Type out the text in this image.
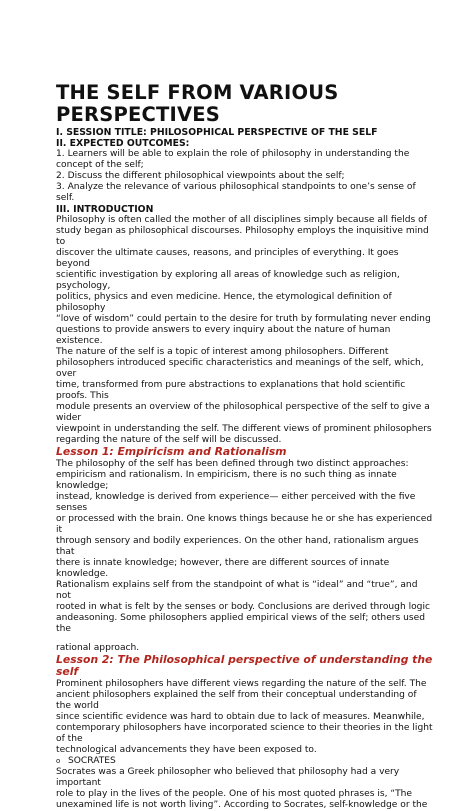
THE SELF FROM VARIOUS
PERSPECTIVES

I. SESSION TITLE: PHILOSOPHICAL PERSPECTIVE OF THE SELF

II. EXPECTED OUTCOMES:

1. Learners will be able to explain the role of philosophy in understanding the

concept of the self;

2. Discuss the different philosophical viewpoints about the self;

3. Analyze the relevance of various philosophical standpoints to one’s sense of

self.

III. INTRODUCTION

Philosophy is often called the mother of all disciplines simply because all fields of

study began as philosophical discourses. Philosophy employs the inquisitive mind to

discover the ultimate causes, reasons, and principles of everything. It goes beyond

scientific investigation by exploring all areas of knowledge such as religion, psychology,

politics, physics and even medicine. Hence, the etymological definition of philosophy

“love of wisdom” could pertain to the desire for truth by formulating never ending

questions to provide answers to every inquiry about the nature of human existence.

The nature of the self is a topic of interest among philosophers. Different

philosophers introduced specific characteristics and meanings of the self, which, over

time, transformed from pure abstractions to explanations that hold scientific proofs. This

module presents an overview of the philosophical perspective of the self to give a wider

viewpoint in understanding the self. The different views of prominent philosophers

regarding the nature of the self will be discussed.

Lesson 1: Empiricism and Rationalism

The philosophy of the self has been defined through two distinct approaches:

empiricism and rationalism. In empiricism, there is no such thing as innate knowledge;

instead, knowledge is derived from experience— either perceived with the five senses

or processed with the brain. One knows things because he or she has experienced it

through sensory and bodily experiences. On the other hand, rationalism argues that

there is innate knowledge; however, there are different sources of innate knowledge.

Rationalism explains self from the standpoint of what is “ideal” and “true”, and not

rooted in what is felt by the senses or body. Conclusions are derived through logic

andeasoning. Some philosophers applied empirical views of the self; others used the

rational approach.

Lesson 2: The Philosophical perspective of understanding the self

Prominent philosophers have different views regarding the nature of the self. The

ancient philosophers explained the self from their conceptual understanding of the world

since scientific evidence was hard to obtain due to lack of measures. Meanwhile,

contemporary philosophers have incorporated science to their theories in the light of the

technological advancements they have been exposed to.

o SOCRATES

Socrates was a Greek philosopher who believed that philosophy had a very important

role to play in the lives of the people. One of his most quoted phrases is, “The

unexamined life is not worth living”. According to Socrates, self-knowledge or the
